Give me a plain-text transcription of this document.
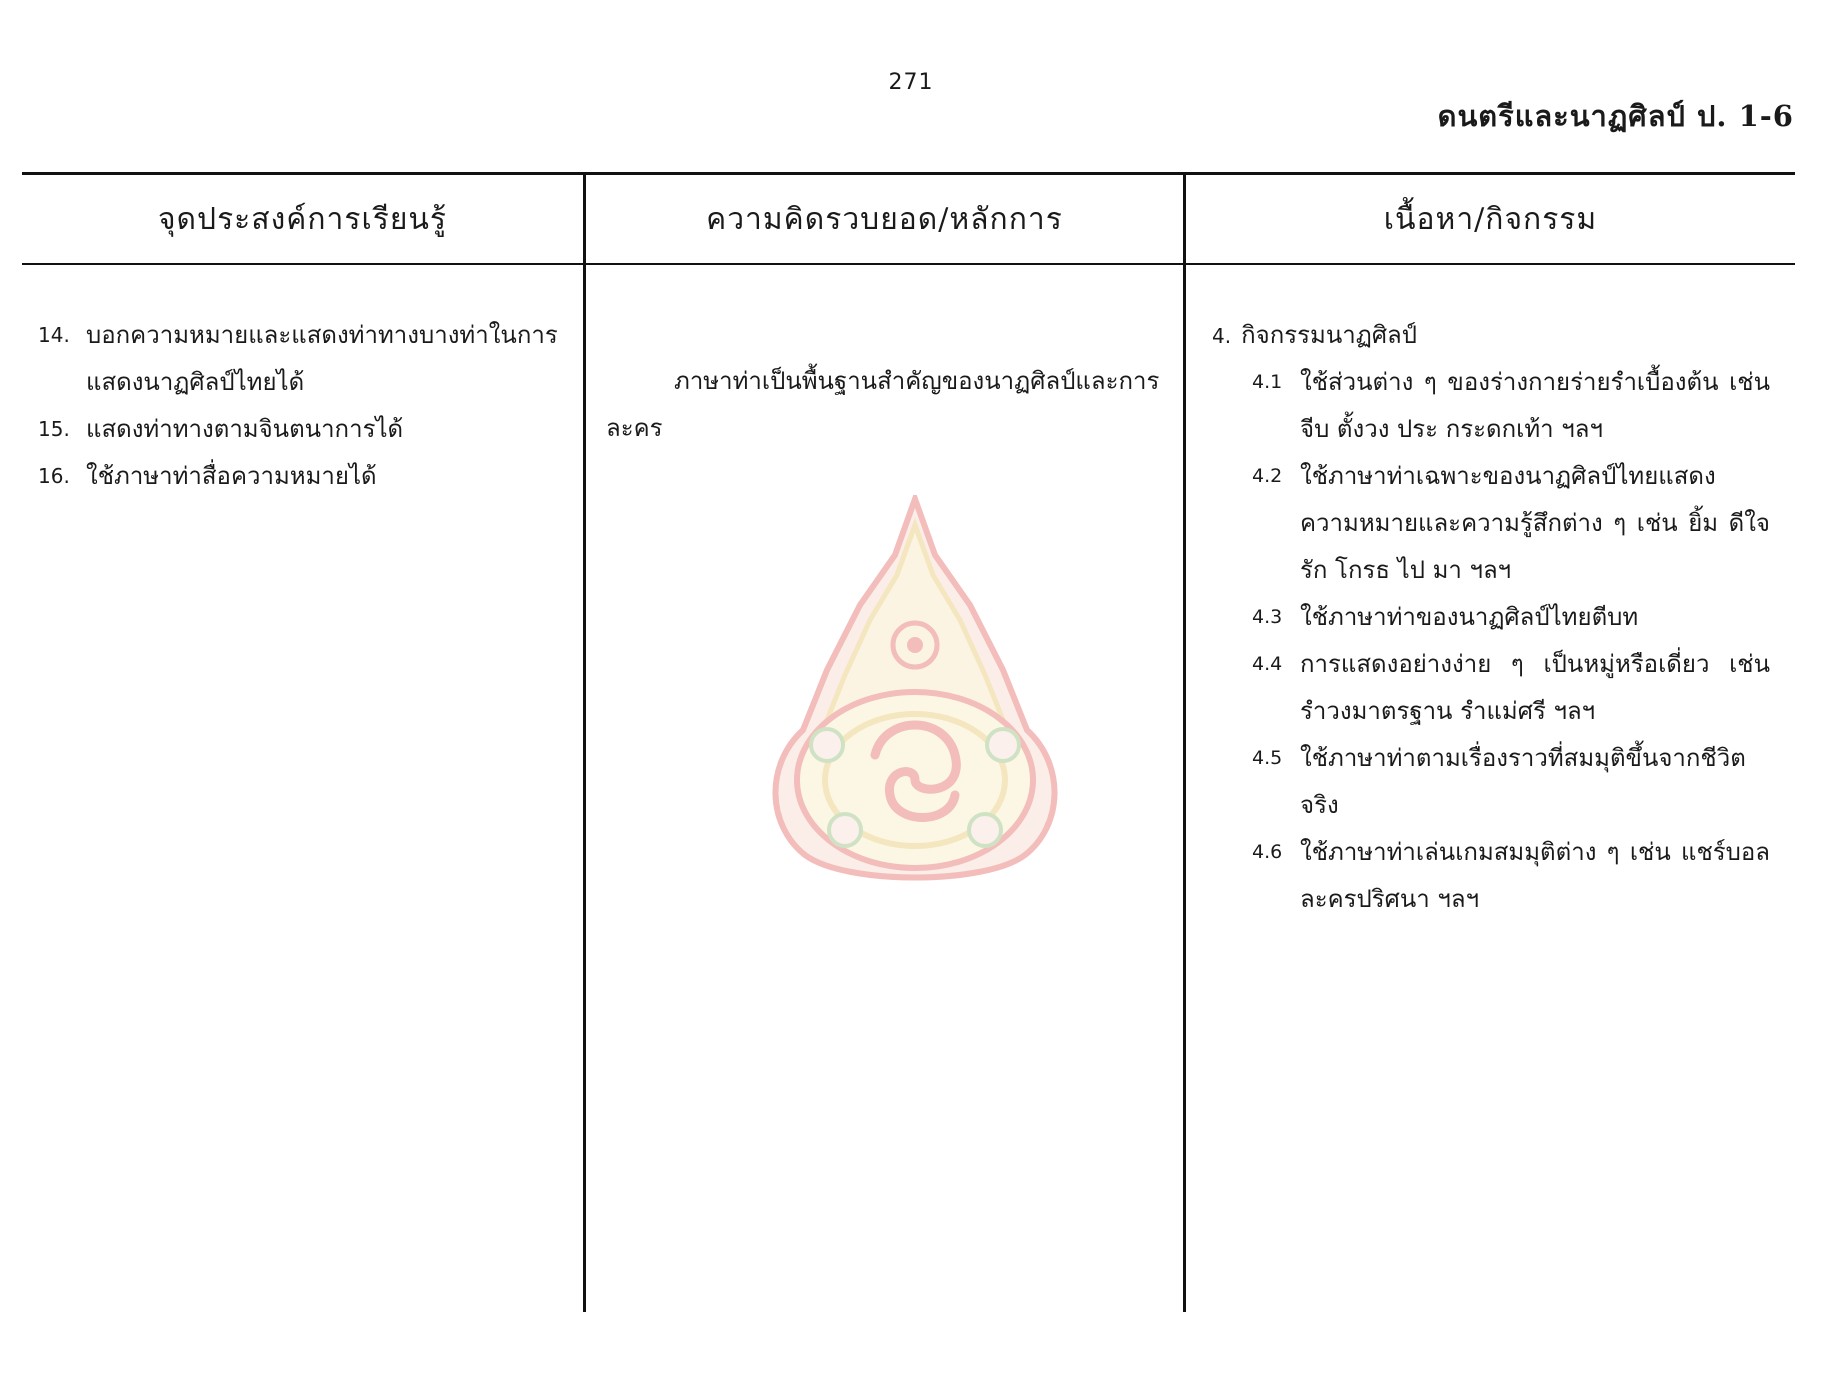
271
ดนตรีและนาฏศิลป์ ป. 1-6
จุดประสงค์การเรียนรู้	ความคิดรวบยอด/หลักการ	เนื้อหา/กิจกรรม
14. บอกความหมายและแสดงท่าทางบางท่าในการแสดงนาฏศิลป์ไทยได้
15. แสดงท่าทางตามจินตนาการได้
16. ใช้ภาษาท่าสื่อความหมายได้

ภาษาท่าเป็นพื้นฐานสำคัญของนาฏศิลป์และการละคร

4. กิจกรรมนาฏศิลป์
4.1 ใช้ส่วนต่าง ๆ ของร่างกายร่ายรำเบื้องต้น เช่น จีบ ตั้งวง ประ กระดกเท้า ฯลฯ
4.2 ใช้ภาษาท่าเฉพาะของนาฏศิลป์ไทยแสดงความหมายและความรู้สึกต่าง ๆ เช่น ยิ้ม ดีใจ รัก โกรธ ไป มา ฯลฯ
4.3 ใช้ภาษาท่าของนาฏศิลป์ไทยตีบท
4.4 การแสดงอย่างง่าย ๆ เป็นหมู่หรือเดี่ยว เช่น รำวงมาตรฐาน รำแม่ศรี ฯลฯ
4.5 ใช้ภาษาท่าตามเรื่องราวที่สมมุติขึ้นจากชีวิตจริง
4.6 ใช้ภาษาท่าเล่นเกมสมมุติต่าง ๆ เช่น แชร์บอล ละครปริศนา ฯลฯ
